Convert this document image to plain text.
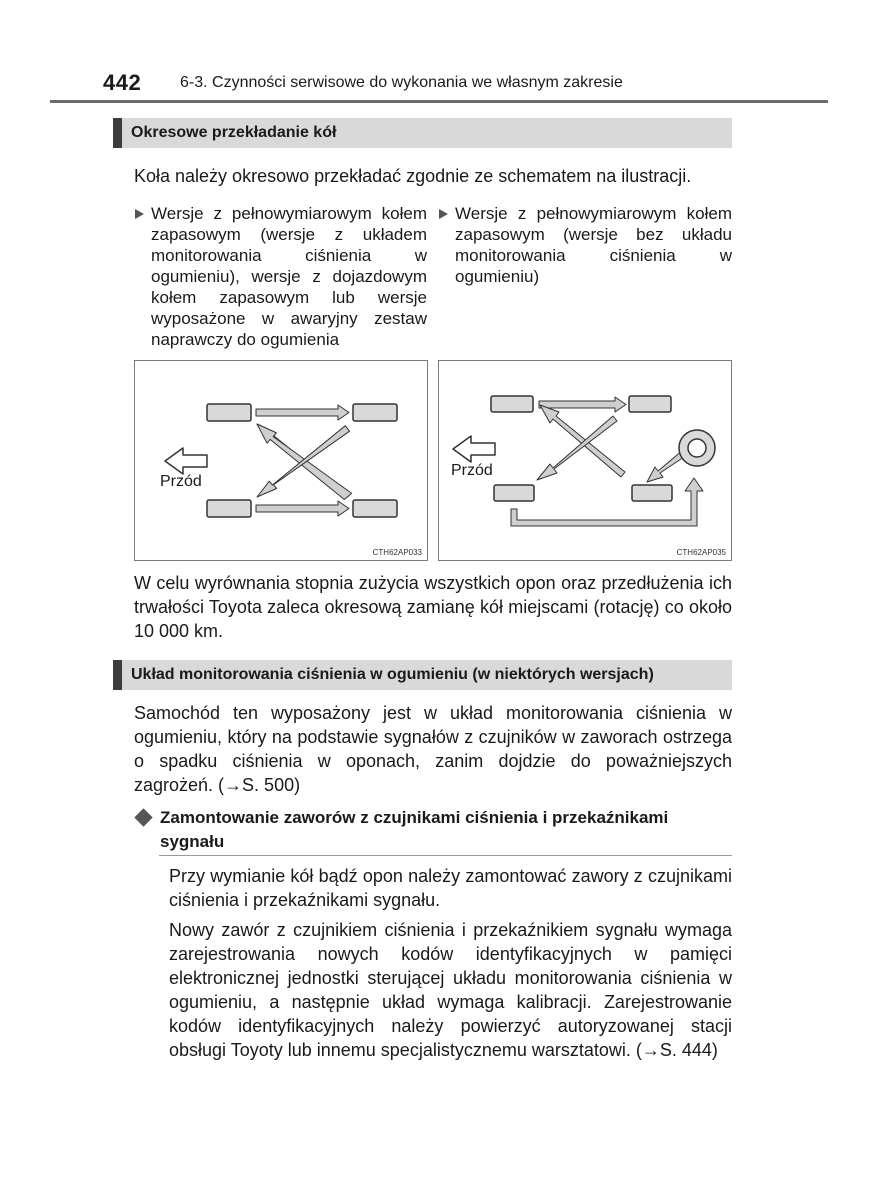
442 6-3. Czynności serwisowe do wykonania we własnym zakresie
Okresowe przekładanie kół
Koła należy okresowo przekładać zgodnie ze schematem na ilustracji.
Wersje z pełnowymiarowym kołem zapasowym (wersje z układem monitorowania ciśnienia w ogumieniu), wersje z dojazdowym kołem zapasowym lub wersje wyposażone w awaryjny zestaw naprawczy do ogumienia
Wersje z pełnowymiarowym kołem zapasowym (wersje bez układu monitorowania ciśnienia w ogumieniu)
Przód
CTH62AP033
Przód
CTH62AP035
W celu wyrównania stopnia zużycia wszystkich opon oraz przedłużenia ich trwałości Toyota zaleca okresową zamianę kół miejscami (rotację) co około 10 000 km.
Układ monitorowania ciśnienia w ogumieniu (w niektórych wersjach)
Samochód ten wyposażony jest w układ monitorowania ciśnienia w ogumieniu, który na podstawie sygnałów z czujników w zaworach ostrzega o spadku ciśnienia w oponach, zanim dojdzie do poważniejszych zagrożeń. (→S. 500)
Zamontowanie zaworów z czujnikami ciśnienia i przekaźnikami sygnału
Przy wymianie kół bądź opon należy zamontować zawory z czujnikami ciśnienia i przekaźnikami sygnału.
Nowy zawór z czujnikiem ciśnienia i przekaźnikiem sygnału wymaga zarejestrowania nowych kodów identyfikacyjnych w pamięci elektronicznej jednostki sterującej układu monitorowania ciśnienia w ogumieniu, a następnie układ wymaga kalibracji. Zarejestrowanie kodów identyfikacyjnych należy powierzyć autoryzowanej stacji obsługi Toyoty lub innemu specjalistycznemu warsztatowi. (→S. 444)
